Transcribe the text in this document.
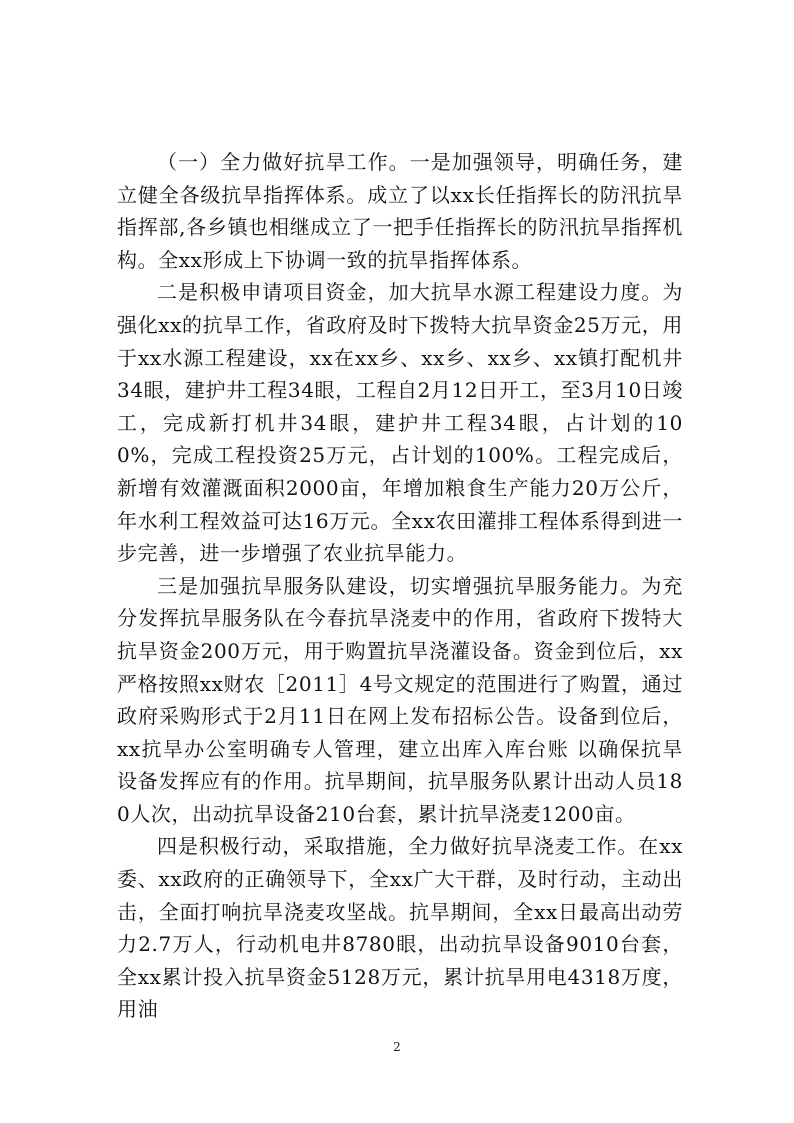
（一）全力做好抗旱工作。一是加强领导，明确任务，建立健全各级抗旱指挥体系。成立了以xx长任指挥长的防汛抗旱指挥部,各乡镇也相继成立了一把手任指挥长的防汛抗旱指挥机构。全xx形成上下协调一致的抗旱指挥体系。

二是积极申请项目资金，加大抗旱水源工程建设力度。为强化xx的抗旱工作，省政府及时下拨特大抗旱资金25万元，用于xx水源工程建设，xx在xx乡、xx乡、xx乡、xx镇打配机井34眼，建护井工程34眼，工程自2月12日开工，至3月10日竣工，完成新打机井34眼，建护井工程34眼，占计划的100%，完成工程投资25万元，占计划的100%。工程完成后，新增有效灌溉面积2000亩，年增加粮食生产能力20万公斤，年水利工程效益可达16万元。全xx农田灌排工程体系得到进一步完善，进一步增强了农业抗旱能力。

三是加强抗旱服务队建设，切实增强抗旱服务能力。为充分发挥抗旱服务队在今春抗旱浇麦中的作用，省政府下拨特大抗旱资金200万元，用于购置抗旱浇灌设备。资金到位后，xx严格按照xx财农［2011］4号文规定的范围进行了购置，通过政府采购形式于2月11日在网上发布招标公告。设备到位后，xx抗旱办公室明确专人管理，建立出库入库台账 以确保抗旱设备发挥应有的作用。抗旱期间，抗旱服务队累计出动人员180人次，出动抗旱设备210台套，累计抗旱浇麦1200亩。

四是积极行动，采取措施，全力做好抗旱浇麦工作。在xx委、xx政府的正确领导下，全xx广大干群，及时行动，主动出击，全面打响抗旱浇麦攻坚战。抗旱期间，全xx日最高出动劳力2.7万人，行动机电井8780眼，出动抗旱设备9010台套，全xx累计投入抗旱资金5128万元，累计抗旱用电4318万度，用油

2
